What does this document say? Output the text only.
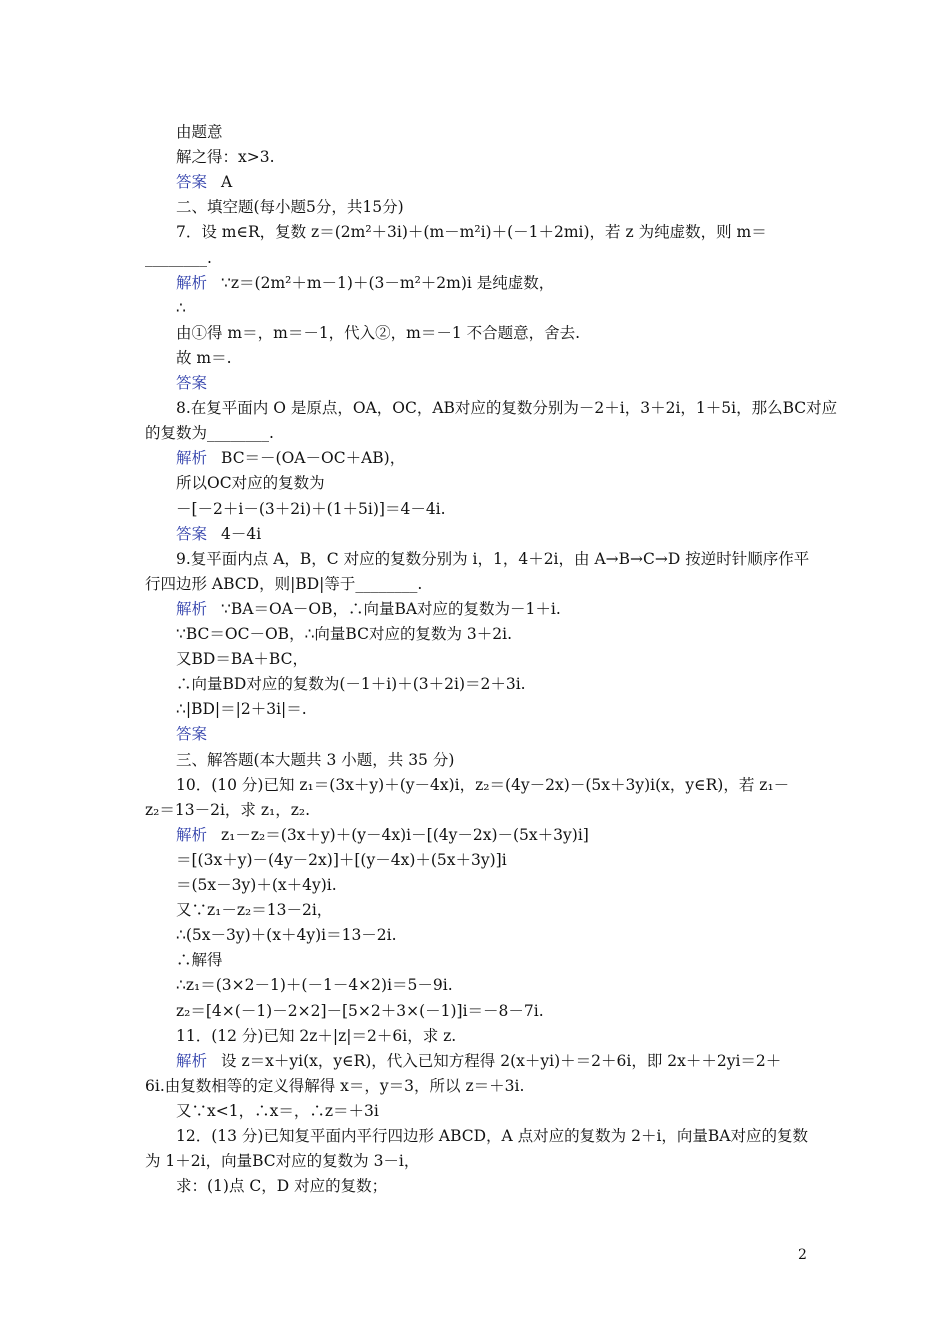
由题意
解之得：x>3.
答案 A
二、填空题(每小题5分，共15分)
7．设 m∈R，复数 z＝(2m²＋3i)＋(m－m²i)＋(－1＋2mi)，若 z 为纯虚数，则 m＝
________.
解析 ∵z＝(2m²＋m－1)＋(3－m²＋2m)i 是纯虚数，
∴
由①得 m＝，m＝－1，代入②，m＝－1 不合题意，舍去.
故 m＝.
答案
8.在复平面内 O 是原点，OA，OC，AB对应的复数分别为－2＋i，3＋2i，1＋5i，那么BC对应
的复数为________.
解析 BC＝－(OA－OC＋AB)，
所以OC对应的复数为
－[－2＋i－(3＋2i)＋(1＋5i)]＝4－4i.
答案 4－4i
9.复平面内点 A，B，C 对应的复数分别为 i，1，4＋2i，由 A→B→C→D 按逆时针顺序作平
行四边形 ABCD，则|BD|等于________.
解析 ∵BA＝OA－OB，∴向量BA对应的复数为－1＋i.
∵BC＝OC－OB，∴向量BC对应的复数为 3＋2i.
又BD＝BA＋BC，
∴向量BD对应的复数为(－1＋i)＋(3＋2i)＝2＋3i.
∴|BD|＝|2＋3i|＝.
答案
三、解答题(本大题共 3 小题，共 35 分)
10．(10 分)已知 z₁＝(3x＋y)＋(y－4x)i，z₂＝(4y－2x)－(5x＋3y)i(x，y∈R)，若 z₁－
z₂＝13－2i，求 z₁，z₂.
解析 z₁－z₂＝(3x＋y)＋(y－4x)i－[(4y－2x)－(5x＋3y)i]
＝[(3x＋y)－(4y－2x)]＋[(y－4x)＋(5x＋3y)]i
＝(5x－3y)＋(x＋4y)i.
又∵z₁－z₂＝13－2i，
∴(5x－3y)＋(x＋4y)i＝13－2i.
∴解得
∴z₁＝(3×2－1)＋(－1－4×2)i＝5－9i.
z₂＝[4×(－1)－2×2]－[5×2＋3×(－1)]i＝－8－7i.
11．(12 分)已知 2z＋|z|＝2＋6i，求 z.
解析 设 z＝x＋yi(x，y∈R)，代入已知方程得 2(x＋yi)＋＝2＋6i，即 2x＋＋2yi＝2＋
6i.由复数相等的定义得解得 x＝，y＝3，所以 z＝＋3i.
又∵x<1，∴x＝，∴z＝＋3i
12．(13 分)已知复平面内平行四边形 ABCD，A 点对应的复数为 2＋i，向量BA对应的复数
为 1＋2i，向量BC对应的复数为 3－i，
求：(1)点 C，D 对应的复数；
2
